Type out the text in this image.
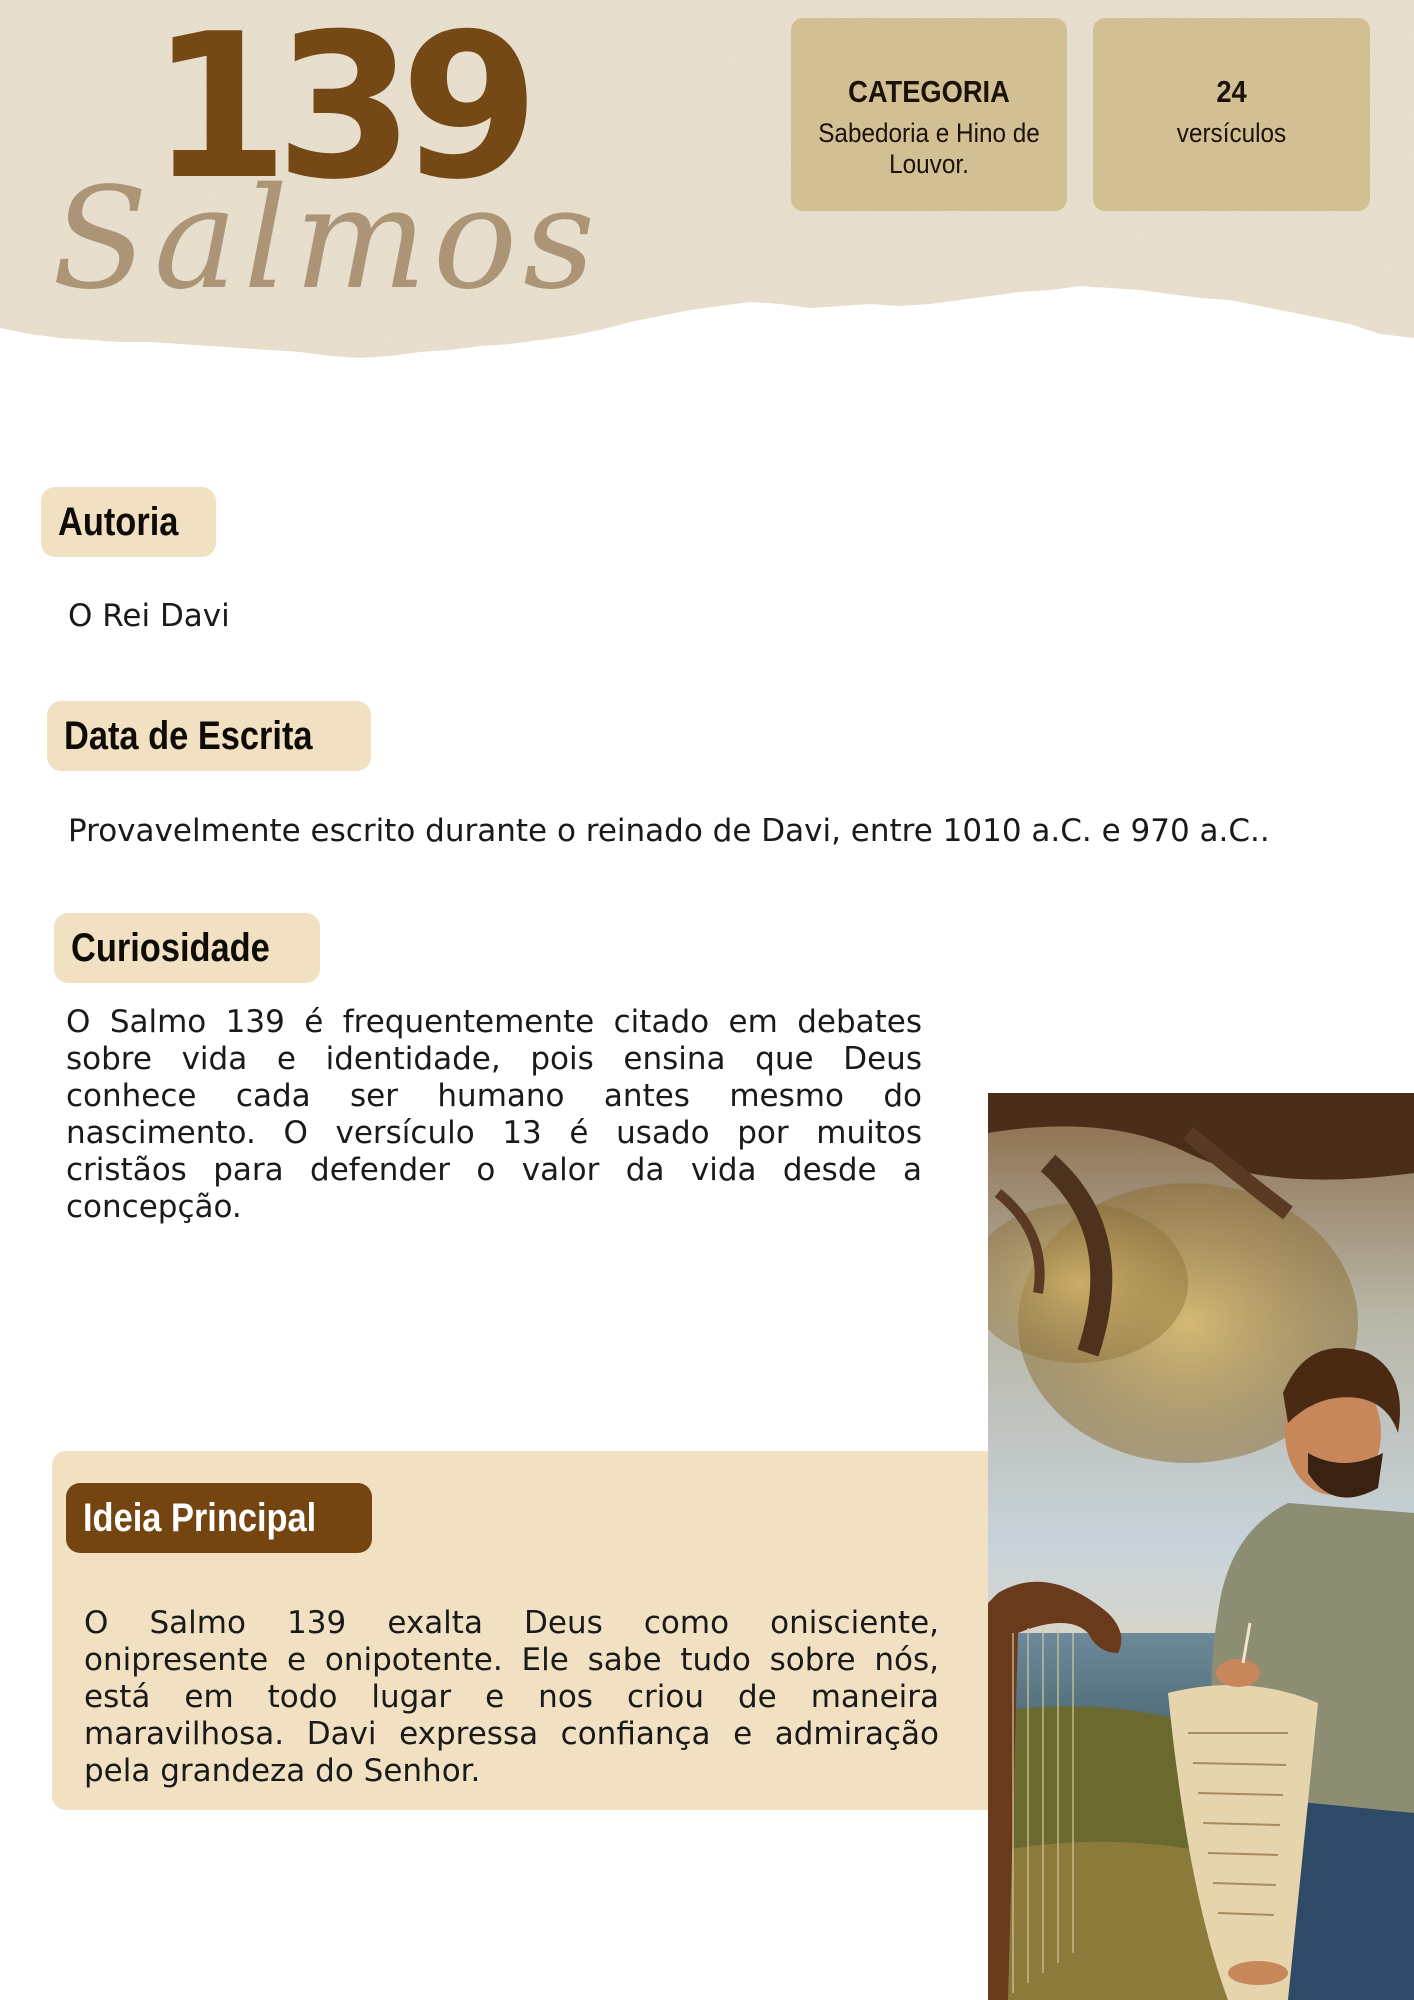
139
Salmos
CATEGORIA
Sabedoria e Hino de Louvor.
24
versículos
Autoria
O Rei Davi
Data de Escrita
Provavelmente escrito durante o reinado de Davi, entre 1010 a.C. e 970 a.C..
Curiosidade
O Salmo 139 é frequentemente citado em debates sobre vida e identidade, pois ensina que Deus conhece cada ser humano antes mesmo do nascimento. O versículo 13 é usado por muitos cristãos para defender o valor da vida desde a concepção.
Ideia Principal
O Salmo 139 exalta Deus como onisciente, onipresente e onipotente. Ele sabe tudo sobre nós, está em todo lugar e nos criou de maneira maravilhosa. Davi expressa confiança e admiração pela grandeza do Senhor.
